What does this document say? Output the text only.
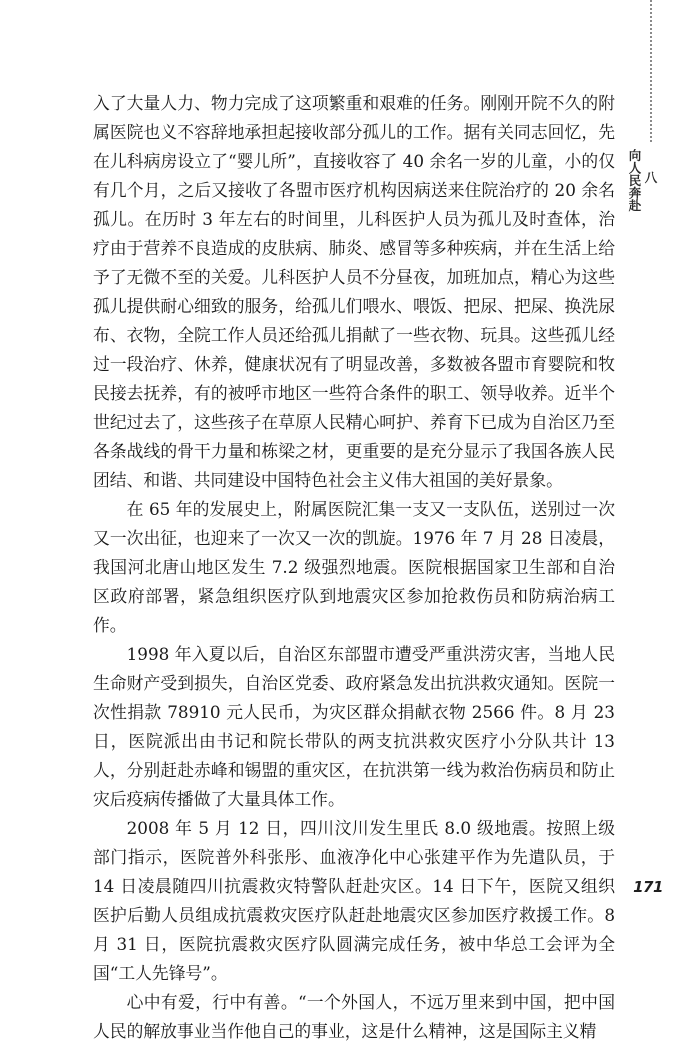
八
向人民奔赴

入了大量人力、物力完成了这项繁重和艰难的任务。刚刚开院不久的附属医院也义不容辞地承担起接收部分孤儿的工作。据有关同志回忆，先在儿科病房设立了“婴儿所”，直接收容了 40 余名一岁的儿童，小的仅有几个月，之后又接收了各盟市医疗机构因病送来住院治疗的 20 余名孤儿。在历时 3 年左右的时间里，儿科医护人员为孤儿及时查体，治疗由于营养不良造成的皮肤病、肺炎、感冒等多种疾病，并在生活上给予了无微不至的关爱。儿科医护人员不分昼夜，加班加点，精心为这些孤儿提供耐心细致的服务，给孤儿们喂水、喂饭、把尿、把屎、换洗尿布、衣物，全院工作人员还给孤儿捐献了一些衣物、玩具。这些孤儿经过一段治疗、休养，健康状况有了明显改善，多数被各盟市育婴院和牧民接去抚养，有的被呼市地区一些符合条件的职工、领导收养。近半个世纪过去了，这些孩子在草原人民精心呵护、养育下已成为自治区乃至各条战线的骨干力量和栋梁之材，更重要的是充分显示了我国各族人民团结、和谐、共同建设中国特色社会主义伟大祖国的美好景象。

在 65 年的发展史上，附属医院汇集一支又一支队伍，送别过一次又一次出征，也迎来了一次又一次的凯旋。1976 年 7 月 28 日凌晨，我国河北唐山地区发生 7.2 级强烈地震。医院根据国家卫生部和自治区政府部署，紧急组织医疗队到地震灾区参加抢救伤员和防病治病工作。

1998 年入夏以后，自治区东部盟市遭受严重洪涝灾害，当地人民生命财产受到损失，自治区党委、政府紧急发出抗洪救灾通知。医院一次性捐款 78910 元人民币，为灾区群众捐献衣物 2566 件。8 月 23 日，医院派出由书记和院长带队的两支抗洪救灾医疗小分队共计 13 人，分别赶赴赤峰和锡盟的重灾区，在抗洪第一线为救治伤病员和防止灾后疫病传播做了大量具体工作。

2008 年 5 月 12 日，四川汶川发生里氏 8.0 级地震。按照上级部门指示，医院普外科张彤、血液净化中心张建平作为先遣队员，于 14 日凌晨随四川抗震救灾特警队赶赴灾区。14 日下午，医院又组织医护后勤人员组成抗震救灾医疗队赶赴地震灾区参加医疗救援工作。8 月 31 日，医院抗震救灾医疗队圆满完成任务，被中华总工会评为全国“工人先锋号”。

心中有爱，行中有善。“一个外国人，不远万里来到中国，把中国人民的解放事业当作他自己的事业，这是什么精神，这是国际主义精

171
